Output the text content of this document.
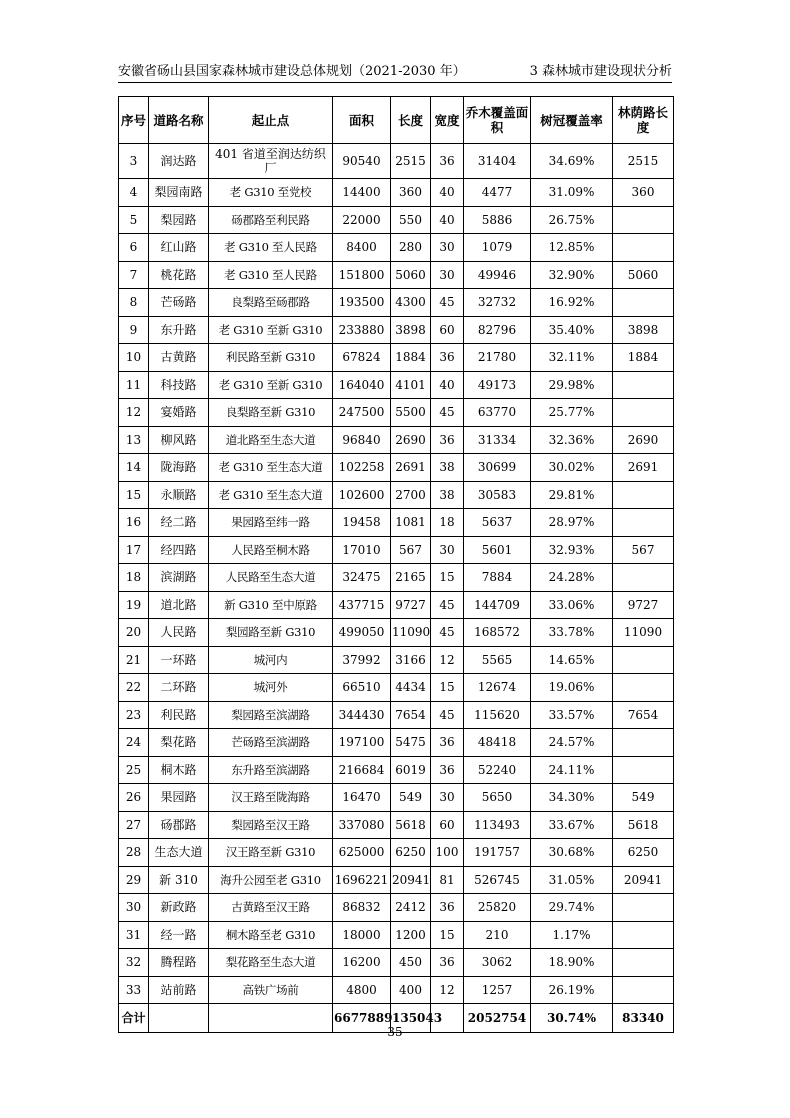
安徽省砀山县国家森林城市建设总体规划（2021-2030 年）	3 森林城市建设现状分析
序号	道路名称	起止点	面积	长度	宽度	乔木覆盖面积	树冠覆盖率	林荫路长度
3	润达路	401 省道至润达纺织厂	90540	2515	36	31404	34.69%	2515
4	梨园南路	老 G310 至党校	14400	360	40	4477	31.09%	360
5	梨园路	砀郡路至利民路	22000	550	40	5886	26.75%	
6	红山路	老 G310 至人民路	8400	280	30	1079	12.85%	
7	桃花路	老 G310 至人民路	151800	5060	30	49946	32.90%	5060
8	芒砀路	良梨路至砀郡路	193500	4300	45	32732	16.92%	
9	东升路	老 G310 至新 G310	233880	3898	60	82796	35.40%	3898
10	古黄路	利民路至新 G310	67824	1884	36	21780	32.11%	1884
11	科技路	老 G310 至新 G310	164040	4101	40	49173	29.98%	
12	宴婚路	良梨路至新 G310	247500	5500	45	63770	25.77%	
13	柳风路	道北路至生态大道	96840	2690	36	31334	32.36%	2690
14	陇海路	老 G310 至生态大道	102258	2691	38	30699	30.02%	2691
15	永顺路	老 G310 至生态大道	102600	2700	38	30583	29.81%	
16	经二路	果园路至纬一路	19458	1081	18	5637	28.97%	
17	经四路	人民路至桐木路	17010	567	30	5601	32.93%	567
18	滨湖路	人民路至生态大道	32475	2165	15	7884	24.28%	
19	道北路	新 G310 至中原路	437715	9727	45	144709	33.06%	9727
20	人民路	梨园路至新 G310	499050	11090	45	168572	33.78%	11090
21	一环路	城河内	37992	3166	12	5565	14.65%	
22	二环路	城河外	66510	4434	15	12674	19.06%	
23	利民路	梨园路至滨湖路	344430	7654	45	115620	33.57%	7654
24	梨花路	芒砀路至滨湖路	197100	5475	36	48418	24.57%	
25	桐木路	东升路至滨湖路	216684	6019	36	52240	24.11%	
26	果园路	汉王路至陇海路	16470	549	30	5650	34.30%	549
27	砀郡路	梨园路至汉王路	337080	5618	60	113493	33.67%	5618
28	生态大道	汉王路至新 G310	625000	6250	100	191757	30.68%	6250
29	新 310	海升公园至老 G310	1696221	20941	81	526745	31.05%	20941
30	新政路	古黄路至汉王路	86832	2412	36	25820	29.74%	
31	经一路	桐木路至老 G310	18000	1200	15	210	1.17%	
32	腾程路	梨花路至生态大道	16200	450	36	3062	18.90%	
33	站前路	高铁广场前	4800	400	12	1257	26.19%	
合计			6677889	135043		2052754	30.74%	83340
35
